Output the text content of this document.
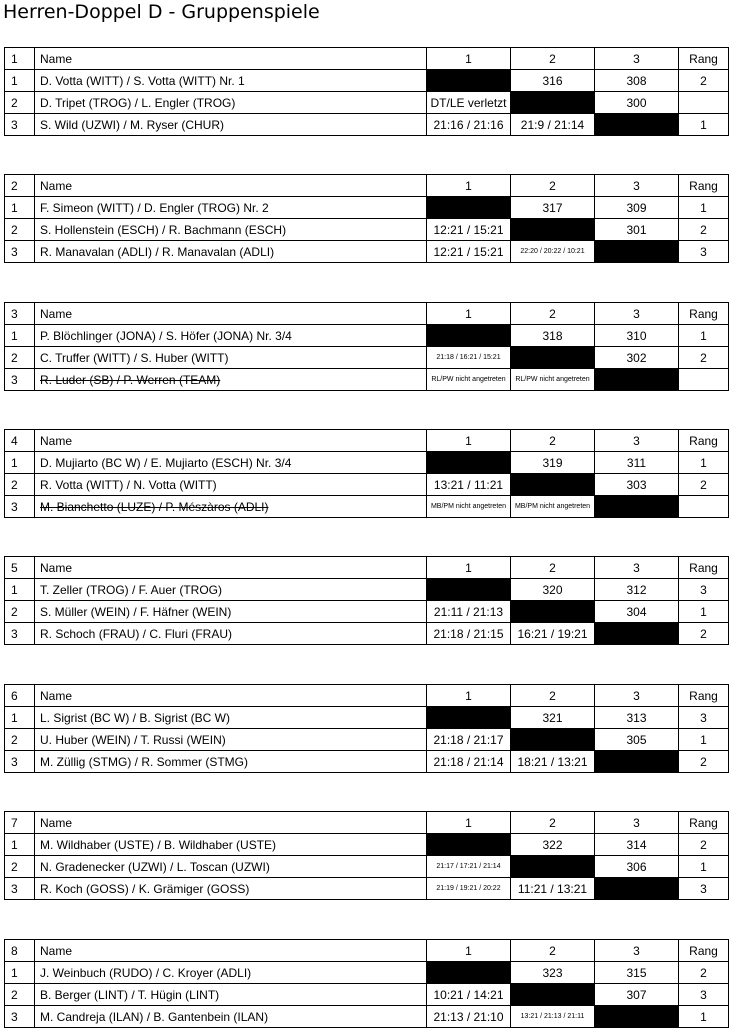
Herren-Doppel D - Gruppenspiele
1	Name	1	2	3	Rang
1	D. Votta (WITT) / S. Votta (WITT) Nr. 1		316	308	2
2	D. Tripet (TROG) / L. Engler (TROG)	DT/LE verletzt		300	
3	S. Wild (UZWI) / M. Ryser (CHUR)	21:16 / 21:16	21:9 / 21:14		1
2	Name	1	2	3	Rang
1	F. Simeon (WITT) / D. Engler (TROG) Nr. 2		317	309	1
2	S. Hollenstein (ESCH) / R. Bachmann (ESCH)	12:21 / 15:21		301	2
3	R. Manavalan (ADLI) / R. Manavalan (ADLI)	12:21 / 15:21	22:20 / 20:22 / 10:21		3
3	Name	1	2	3	Rang
1	P. Blöchlinger (JONA) / S. Höfer (JONA) Nr. 3/4		318	310	1
2	C. Truffer (WITT) / S. Huber (WITT)	21:18 / 16:21 / 15:21		302	2
3	R. Luder (SB) / P. Werren (TEAM)	RL/PW nicht angetreten	RL/PW nicht angetreten		
4	Name	1	2	3	Rang
1	D. Mujiarto (BC W) / E. Mujiarto (ESCH) Nr. 3/4		319	311	1
2	R. Votta (WITT) / N. Votta (WITT)	13:21 / 11:21		303	2
3	M. Bianchetto (LUZE) / P. Mészàros (ADLI)	MB/PM nicht angetreten	MB/PM nicht angetreten		
5	Name	1	2	3	Rang
1	T. Zeller (TROG) / F. Auer (TROG)		320	312	3
2	S. Müller (WEIN) / F. Häfner (WEIN)	21:11 / 21:13		304	1
3	R. Schoch (FRAU) / C. Fluri (FRAU)	21:18 / 21:15	16:21 / 19:21		2
6	Name	1	2	3	Rang
1	L. Sigrist (BC W) / B. Sigrist (BC W)		321	313	3
2	U. Huber (WEIN) / T. Russi (WEIN)	21:18 / 21:17		305	1
3	M. Züllig (STMG) / R. Sommer (STMG)	21:18 / 21:14	18:21 / 13:21		2
7	Name	1	2	3	Rang
1	M. Wildhaber (USTE) / B. Wildhaber (USTE)		322	314	2
2	N. Gradenecker (UZWI) / L. Toscan (UZWI)	21:17 / 17:21 / 21:14		306	1
3	R. Koch (GOSS) / K. Grämiger (GOSS)	21:19 / 19:21 / 20:22	11:21 / 13:21		3
8	Name	1	2	3	Rang
1	J. Weinbuch (RUDO) / C. Kroyer (ADLI)		323	315	2
2	B. Berger (LINT) / T. Hügin (LINT)	10:21 / 14:21		307	3
3	M. Candreja (ILAN) / B. Gantenbein (ILAN)	21:13 / 21:10	13:21 / 21:13 / 21:11		1
